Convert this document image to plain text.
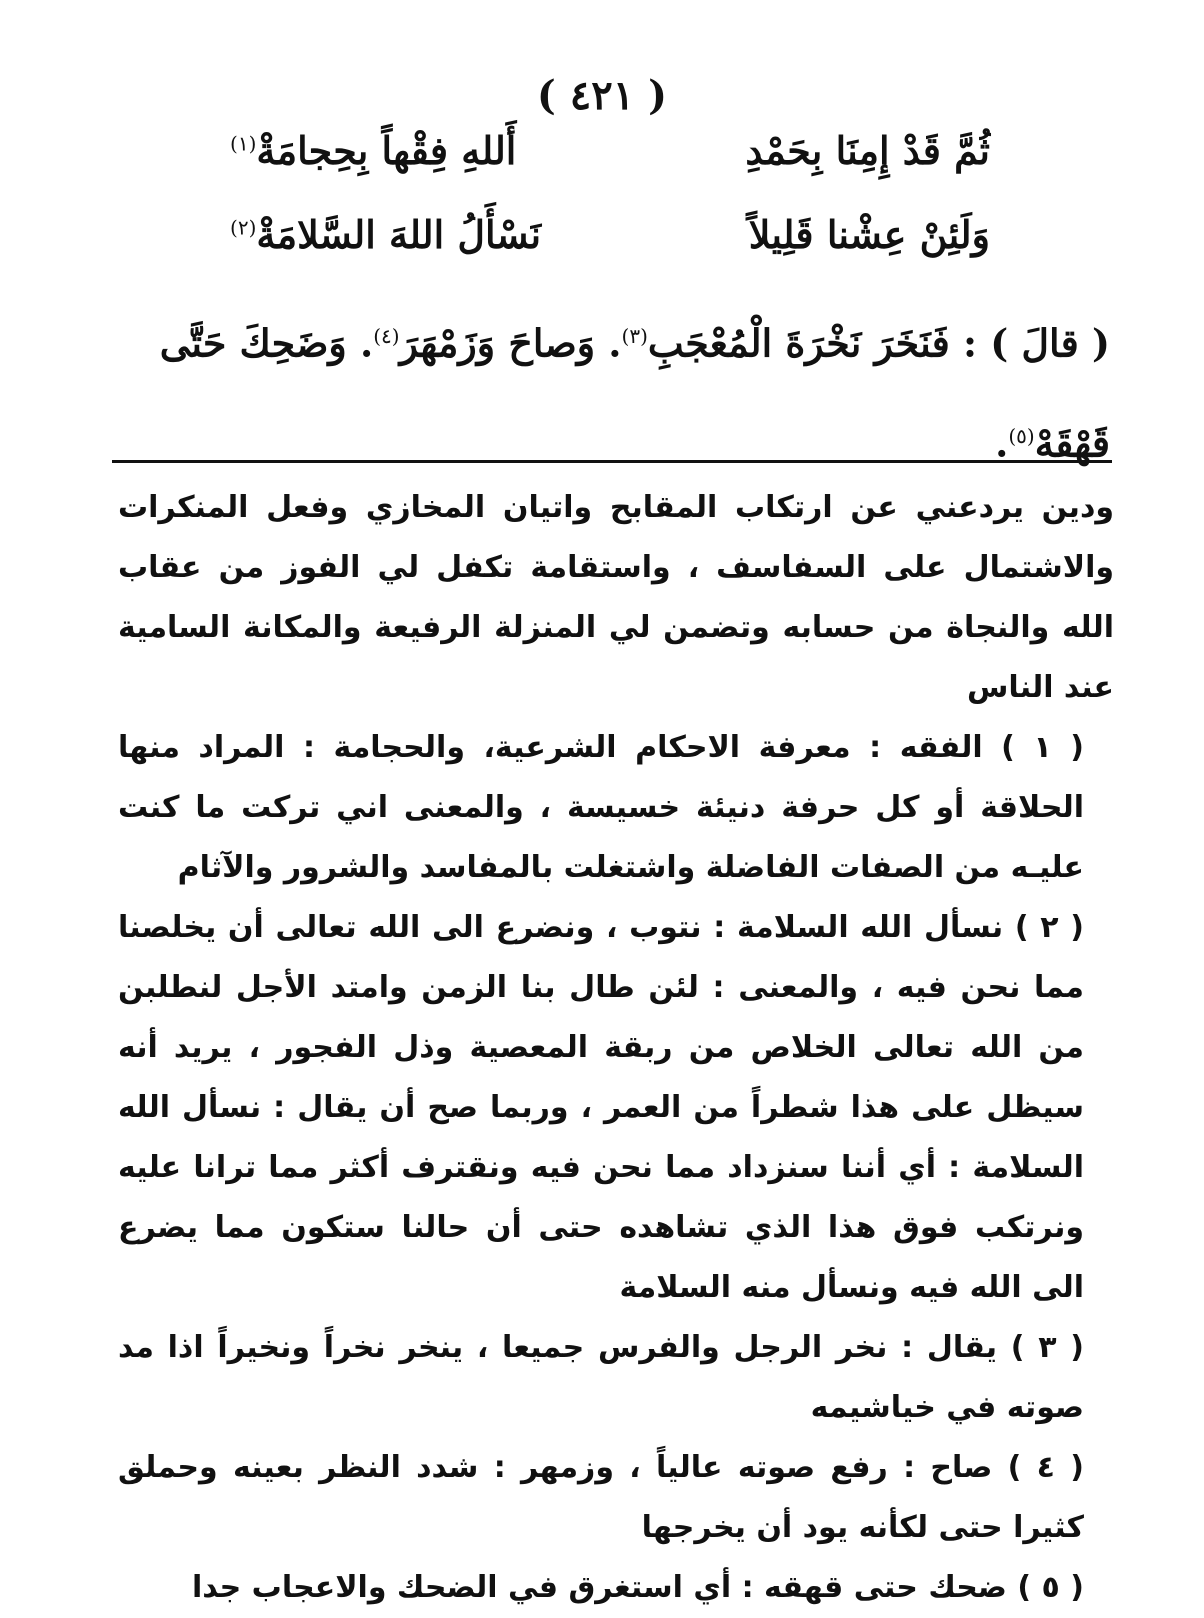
( ٤٢١ )
ثُمَّ قَدْ إِمِنَا بِحَمْدِ
أَللهِ فِقْهاً بِحِجامَةْ$^{(١)}$
وَلَئِنْ عِشْنا قَلِيلاً
نَسْأَلُ اللهَ السَّلامَةْ$^{(٢)}$
( قالَ ) : فَنَخَرَ نَخْرَةَ الْمُعْجَبِ$^{(٣)}$. وَصاحَ وَزَمْهَرَ$^{(٤)}$. وَضَحِكَ حَتَّى قَهْقَهْ$^{(٥)}$.

ودين يردعني عن ارتكاب المقابح واتيان المخازي وفعل المنكرات والاشتمال على السفاسف ، واستقامة تكفل لي الفوز من عقاب الله والنجاة من حسابه وتضمن لي المنزلة الرفيعة والمكانة السامية عند الناس

( ١ ) الفقه : معرفة الاحكام الشرعية، والحجامة : المراد منها الحلاقة أو كل حرفة دنيئة خسيسة ، والمعنى اني تركت ما كنت عليـه من الصفات الفاضلة واشتغلت بالمفاسد والشرور والآثام

( ٢ ) نسأل الله السلامة : نتوب ، ونضرع الى الله تعالى أن يخلصنا مما نحن فيه ، والمعنى : لئن طال بنا الزمن وامتد الأجل لنطلبن من الله تعالى الخلاص من ربقة المعصية وذل الفجور ، يريد أنه سيظل على هذا شطراً من العمر ، وربما صح أن يقال : نسأل الله السلامة : أي أننا سنزداد مما نحن فيه ونقترف أكثر مما ترانا عليه ونرتكب فوق هذا الذي تشاهده حتى أن حالنا ستكون مما يضرع الى الله فيه ونسأل منه السلامة

( ٣ ) يقال : نخر الرجل والفرس جميعا ، ينخر نخراً ونخيراً اذا مد صوته في خياشيمه

( ٤ ) صاح : رفع صوته عالياً ، وزمهر : شدد النظر بعينه وحملق كثيرا حتى لكأنه يود أن يخرجها

( ٥ ) ضحك حتى قهقه : أي استغرق في الضحك والاعجاب جدا
